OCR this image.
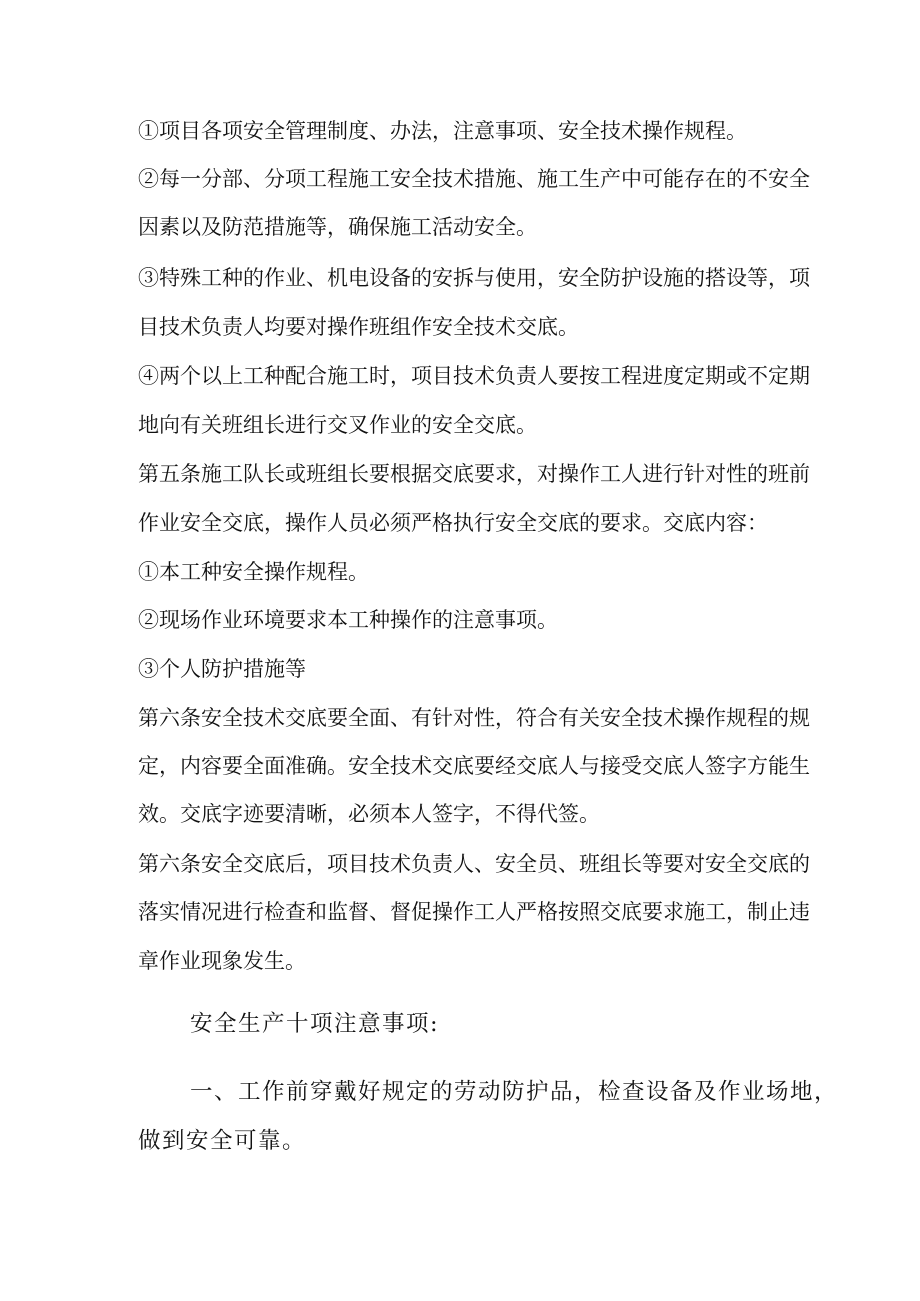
①项目各项安全管理制度、办法，注意事项、安全技术操作规程。
②每一分部、分项工程施工安全技术措施、施工生产中可能存在的不安全
因素以及防范措施等，确保施工活动安全。
③特殊工种的作业、机电设备的安拆与使用，安全防护设施的搭设等，项
目技术负责人均要对操作班组作安全技术交底。
④两个以上工种配合施工时，项目技术负责人要按工程进度定期或不定期
地向有关班组长进行交叉作业的安全交底。
第五条施工队长或班组长要根据交底要求，对操作工人进行针对性的班前
作业安全交底，操作人员必须严格执行安全交底的要求。交底内容：
①本工种安全操作规程。
②现场作业环境要求本工种操作的注意事项。
③个人防护措施等
第六条安全技术交底要全面、有针对性，符合有关安全技术操作规程的规
定，内容要全面准确。安全技术交底要经交底人与接受交底人签字方能生
效。交底字迹要清晰，必须本人签字，不得代签。
第六条安全交底后，项目技术负责人、安全员、班组长等要对安全交底的
落实情况进行检查和监督、督促操作工人严格按照交底要求施工，制止违
章作业现象发生。
安全生产十项注意事项:
一、工作前穿戴好规定的劳动防护品，检查设备及作业场地，
做到安全可靠。
